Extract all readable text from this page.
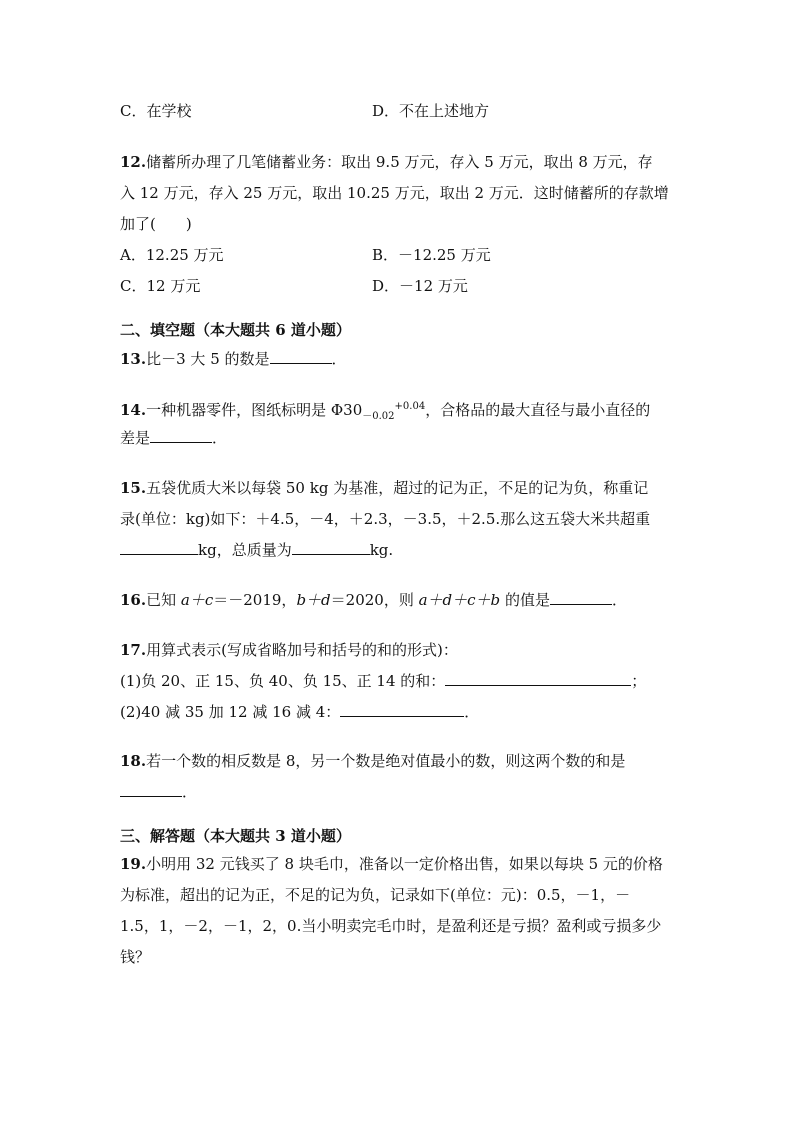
C．在学校	D．不在上述地方
12.储蓄所办理了几笔储蓄业务：取出 9.5 万元，存入 5 万元，取出 8 万元，存
入 12 万元，存入 25 万元，取出 10.25 万元，取出 2 万元．这时储蓄所的存款增
加了(　　)
A．12.25 万元	B．－12.25 万元
C．12 万元	D．－12 万元
二、填空题（本大题共 6 道小题）
13.比－3 大 5 的数是	．
14.一种机器零件，图纸标明是 $\Phi 30_{-0.02}^{+0.04}$，合格品的最大直径与最小直径的
差是	．
15.五袋优质大米以每袋 50 kg 为基准，超过的记为正，不足的记为负，称重记
录(单位：kg)如下：＋4.5，－4，＋2.3，－3.5，＋2.5.那么这五袋大米共超重
kg，总质量为	kg.
16.已知 a＋c＝－2019，b＋d＝2020，则 a＋d＋c＋b 的值是	．
17.用算式表示(写成省略加号和括号的和的形式)：
(1)负 20、正 15、负 40、负 15、正 14 的和：	；
(2)40 减 35 加 12 减 16 减 4：	．
18.若一个数的相反数是 8，另一个数是绝对值最小的数，则这两个数的和是
．
三、解答题（本大题共 3 道小题）
19.小明用 32 元钱买了 8 块毛巾，准备以一定价格出售，如果以每块 5 元的价格
为标准，超出的记为正，不足的记为负，记录如下(单位：元)：0.5，－1，－
1.5，1，－2，－1，2，0.当小明卖完毛巾时，是盈利还是亏损？盈利或亏损多少
钱？
